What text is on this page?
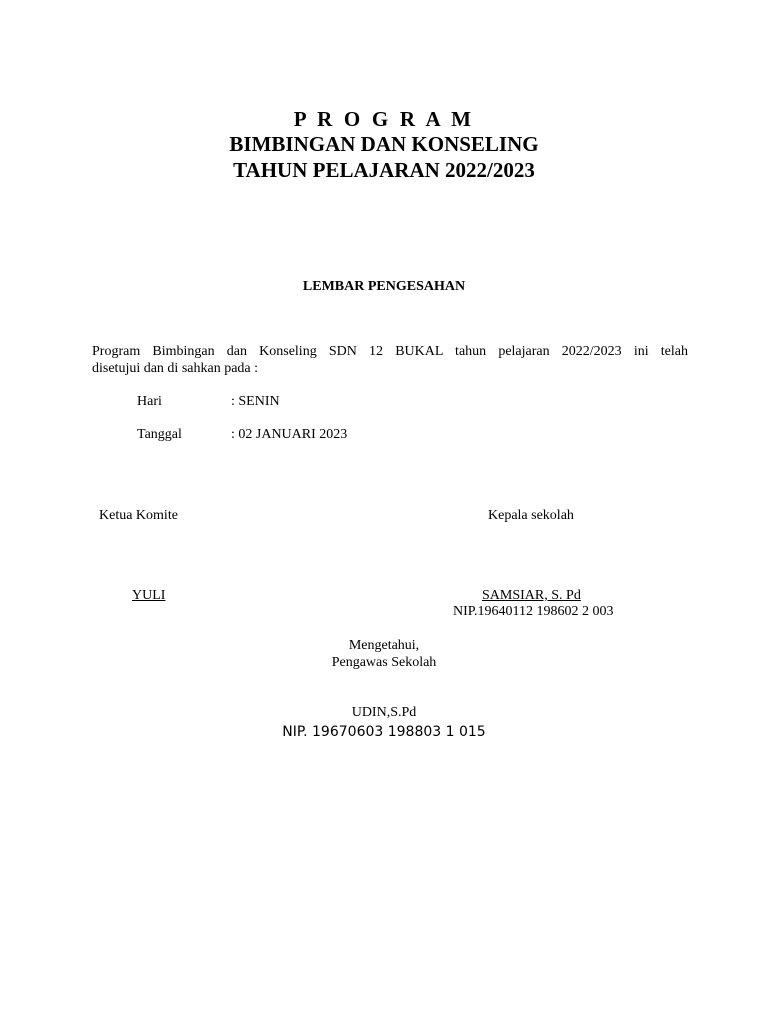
P R O G R A M
BIMBINGAN DAN KONSELING
TAHUN PELAJARAN 2022/2023
LEMBAR PENGESAHAN
Program Bimbingan dan Konseling SDN 12 BUKAL tahun pelajaran 2022/2023 ini telah
disetujui dan di sahkan pada :
Hari	: SENIN
Tanggal	: 02 JANUARI 2023
Ketua Komite	Kepala sekolah
YULI	SAMSIAR, S. Pd
NIP.19640112 198602 2 003
Mengetahui,
Pengawas Sekolah
UDIN,S.Pd
NIP. 19670603 198803 1 015
